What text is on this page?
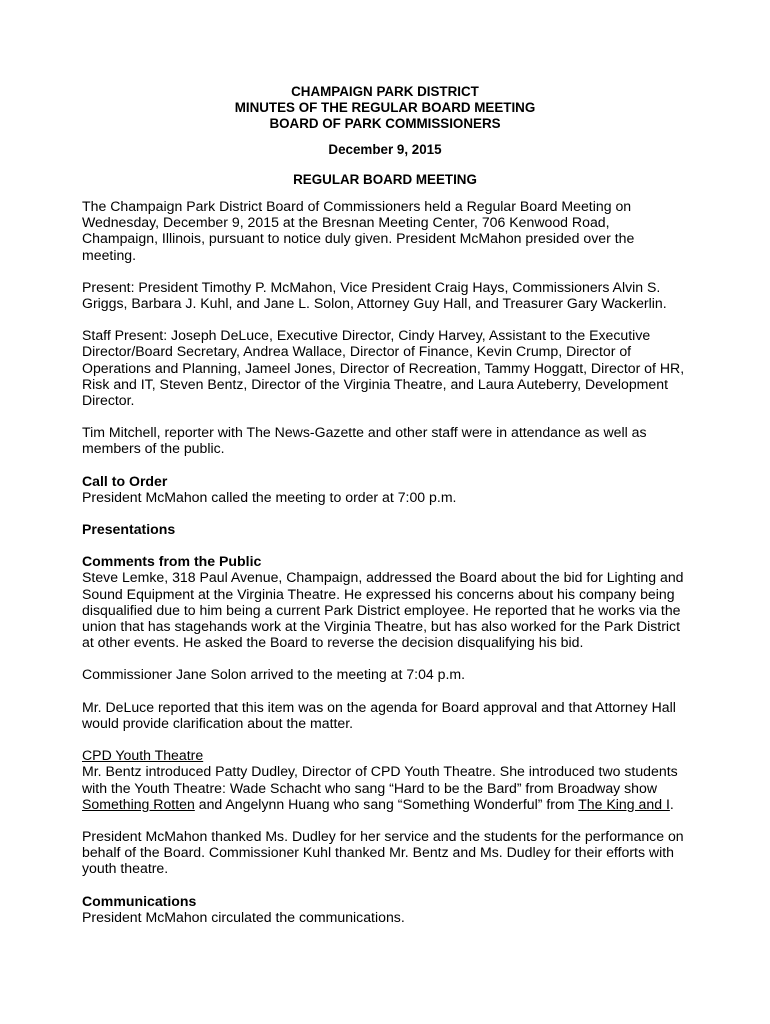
CHAMPAIGN PARK DISTRICT
MINUTES OF THE REGULAR BOARD MEETING
BOARD OF PARK COMMISSIONERS
December 9, 2015
REGULAR BOARD MEETING

The Champaign Park District Board of Commissioners held a Regular Board Meeting on Wednesday, December 9, 2015 at the Bresnan Meeting Center, 706 Kenwood Road, Champaign, Illinois, pursuant to notice duly given. President McMahon presided over the meeting.

Present: President Timothy P. McMahon, Vice President Craig Hays, Commissioners Alvin S. Griggs, Barbara J. Kuhl, and Jane L. Solon, Attorney Guy Hall, and Treasurer Gary Wackerlin.

Staff Present: Joseph DeLuce, Executive Director, Cindy Harvey, Assistant to the Executive Director/Board Secretary, Andrea Wallace, Director of Finance, Kevin Crump, Director of Operations and Planning, Jameel Jones, Director of Recreation, Tammy Hoggatt, Director of HR, Risk and IT, Steven Bentz, Director of the Virginia Theatre, and Laura Auteberry, Development Director.

Tim Mitchell, reporter with The News-Gazette and other staff were in attendance as well as members of the public.

Call to Order
President McMahon called the meeting to order at 7:00 p.m.
Presentations
Comments from the Public
Steve Lemke, 318 Paul Avenue, Champaign, addressed the Board about the bid for Lighting and Sound Equipment at the Virginia Theatre. He expressed his concerns about his company being disqualified due to him being a current Park District employee. He reported that he works via the union that has stagehands work at the Virginia Theatre, but has also worked for the Park District at other events. He asked the Board to reverse the decision disqualifying his bid.

Commissioner Jane Solon arrived to the meeting at 7:04 p.m.

Mr. DeLuce reported that this item was on the agenda for Board approval and that Attorney Hall would provide clarification about the matter.

CPD Youth Theatre
Mr. Bentz introduced Patty Dudley, Director of CPD Youth Theatre. She introduced two students with the Youth Theatre: Wade Schacht who sang “Hard to be the Bard” from Broadway show Something Rotten and Angelynn Huang who sang “Something Wonderful” from The King and I.

President McMahon thanked Ms. Dudley for her service and the students for the performance on behalf of the Board. Commissioner Kuhl thanked Mr. Bentz and Ms. Dudley for their efforts with youth theatre.

Communications
President McMahon circulated the communications.
